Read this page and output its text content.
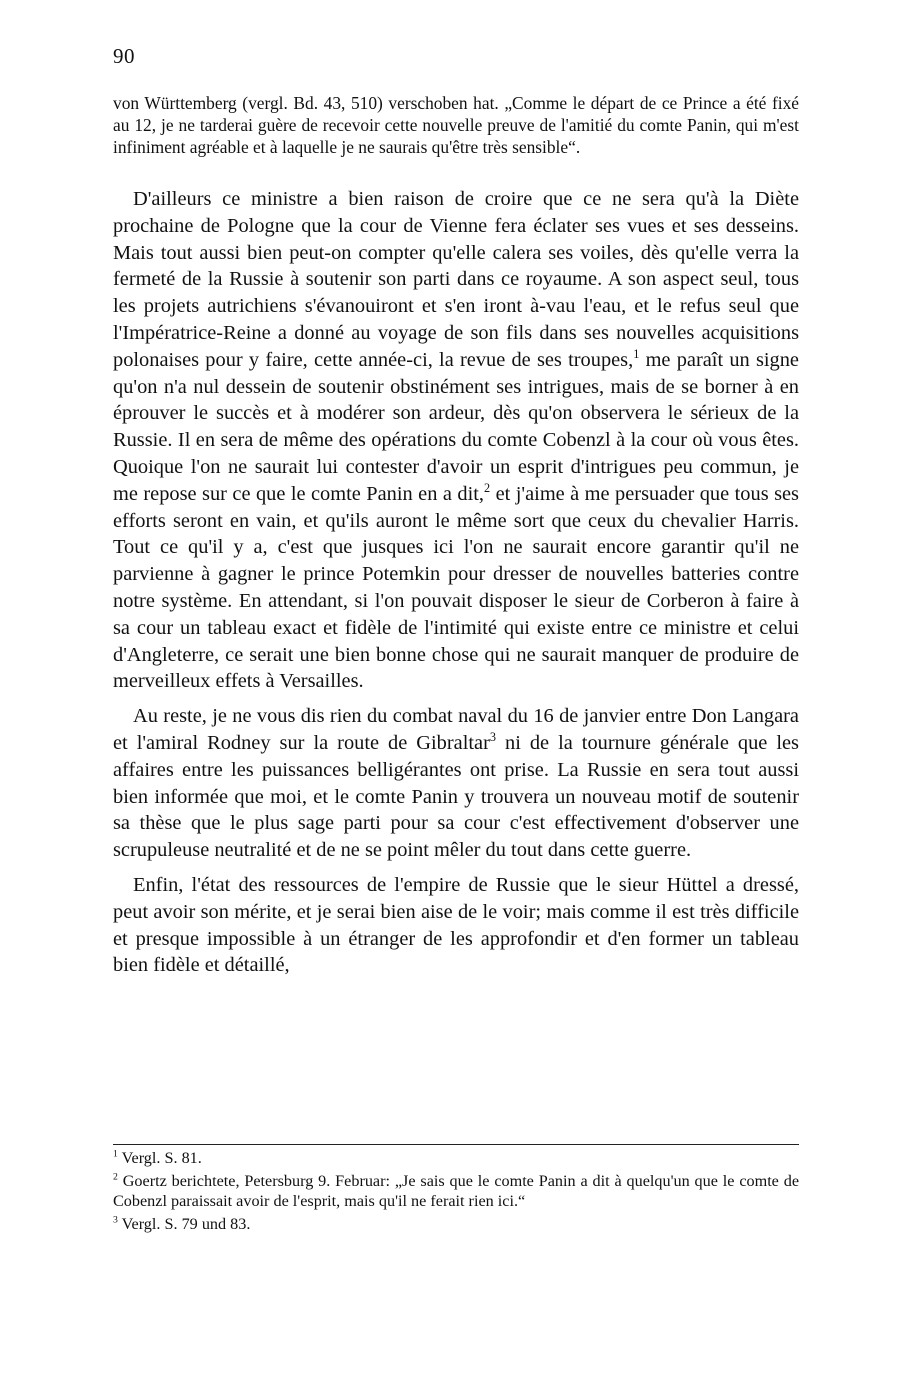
90
von Württemberg (vergl. Bd. 43, 510) verschoben hat. „Comme le départ de ce Prince a été fixé au 12, je ne tarderai guère de recevoir cette nouvelle preuve de l'amitié du comte Panin, qui m'est infiniment agréable et à laquelle je ne saurais qu'être très sensible“.

D'ailleurs ce ministre a bien raison de croire que ce ne sera qu'à la Diète prochaine de Pologne que la cour de Vienne fera éclater ses vues et ses desseins. Mais tout aussi bien peut-on compter qu'elle calera ses voiles, dès qu'elle verra la fermeté de la Russie à soutenir son parti dans ce royaume. A son aspect seul, tous les projets autrichiens s'évanouiront et s'en iront à-vau l'eau, et le refus seul que l'Impératrice-Reine a donné au voyage de son fils dans ses nouvelles acquisitions polonaises pour y faire, cette année-ci, la revue de ses troupes,$^1$ me paraît un signe qu'on n'a nul dessein de soutenir obstinément ses intrigues, mais de se borner à en éprouver le succès et à modérer son ardeur, dès qu'on observera le sérieux de la Russie. Il en sera de même des opérations du comte Cobenzl à la cour où vous êtes. Quoique l'on ne saurait lui contester d'avoir un esprit d'intrigues peu commun, je me repose sur ce que le comte Panin en a dit,$^2$ et j'aime à me persuader que tous ses efforts seront en vain, et qu'ils auront le même sort que ceux du chevalier Harris. Tout ce qu'il y a, c'est que jusques ici l'on ne saurait encore garantir qu'il ne parvienne à gagner le prince Potemkin pour dresser de nouvelles batteries contre notre système. En attendant, si l'on pouvait disposer le sieur de Corberon à faire à sa cour un tableau exact et fidèle de l'intimité qui existe entre ce ministre et celui d'Angleterre, ce serait une bien bonne chose qui ne saurait manquer de produire de merveilleux effets à Versailles.

Au reste, je ne vous dis rien du combat naval du 16 de janvier entre Don Langara et l'amiral Rodney sur la route de Gibraltar$^3$ ni de la tournure générale que les affaires entre les puissances belligérantes ont prise. La Russie en sera tout aussi bien informée que moi, et le comte Panin y trouvera un nouveau motif de soutenir sa thèse que le plus sage parti pour sa cour c'est effectivement d'observer une scrupuleuse neutralité et de ne se point mêler du tout dans cette guerre.

Enfin, l'état des ressources de l'empire de Russie que le sieur Hüttel a dressé, peut avoir son mérite, et je serai bien aise de le voir; mais comme il est très difficile et presque impossible à un étranger de les approfondir et d'en former un tableau bien fidèle et détaillé,

$^1$ Vergl. S. 81.

$^2$ Goertz berichtete, Petersburg 9. Februar: „Je sais que le comte Panin a dit à quelqu'un que le comte de Cobenzl paraissait avoir de l'esprit, mais qu'il ne ferait rien ici.“

$^3$ Vergl. S. 79 und 83.
